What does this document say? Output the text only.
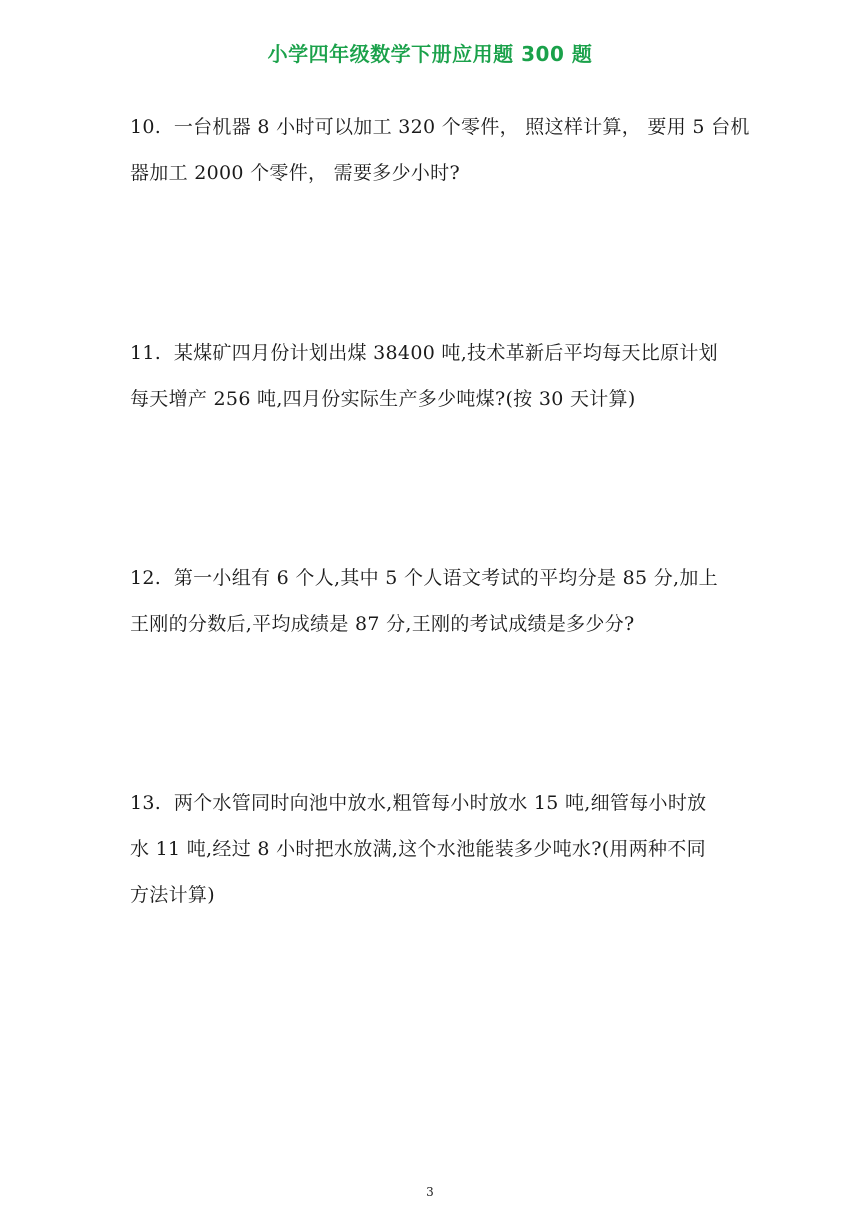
小学四年级数学下册应用题 300 题
10. 一台机器 8 小时可以加工 320 个零件， 照这样计算， 要用 5 台机
器加工 2000 个零件， 需要多少小时?
11. 某煤矿四月份计划出煤 38400 吨,技术革新后平均每天比原计划
每天增产 256 吨,四月份实际生产多少吨煤?(按 30 天计算)
12. 第一小组有 6 个人,其中 5 个人语文考试的平均分是 85 分,加上
王刚的分数后,平均成绩是 87 分,王刚的考试成绩是多少分?
13. 两个水管同时向池中放水,粗管每小时放水 15 吨,细管每小时放
水 11 吨,经过 8 小时把水放满,这个水池能装多少吨水?(用两种不同
方法计算)
3
